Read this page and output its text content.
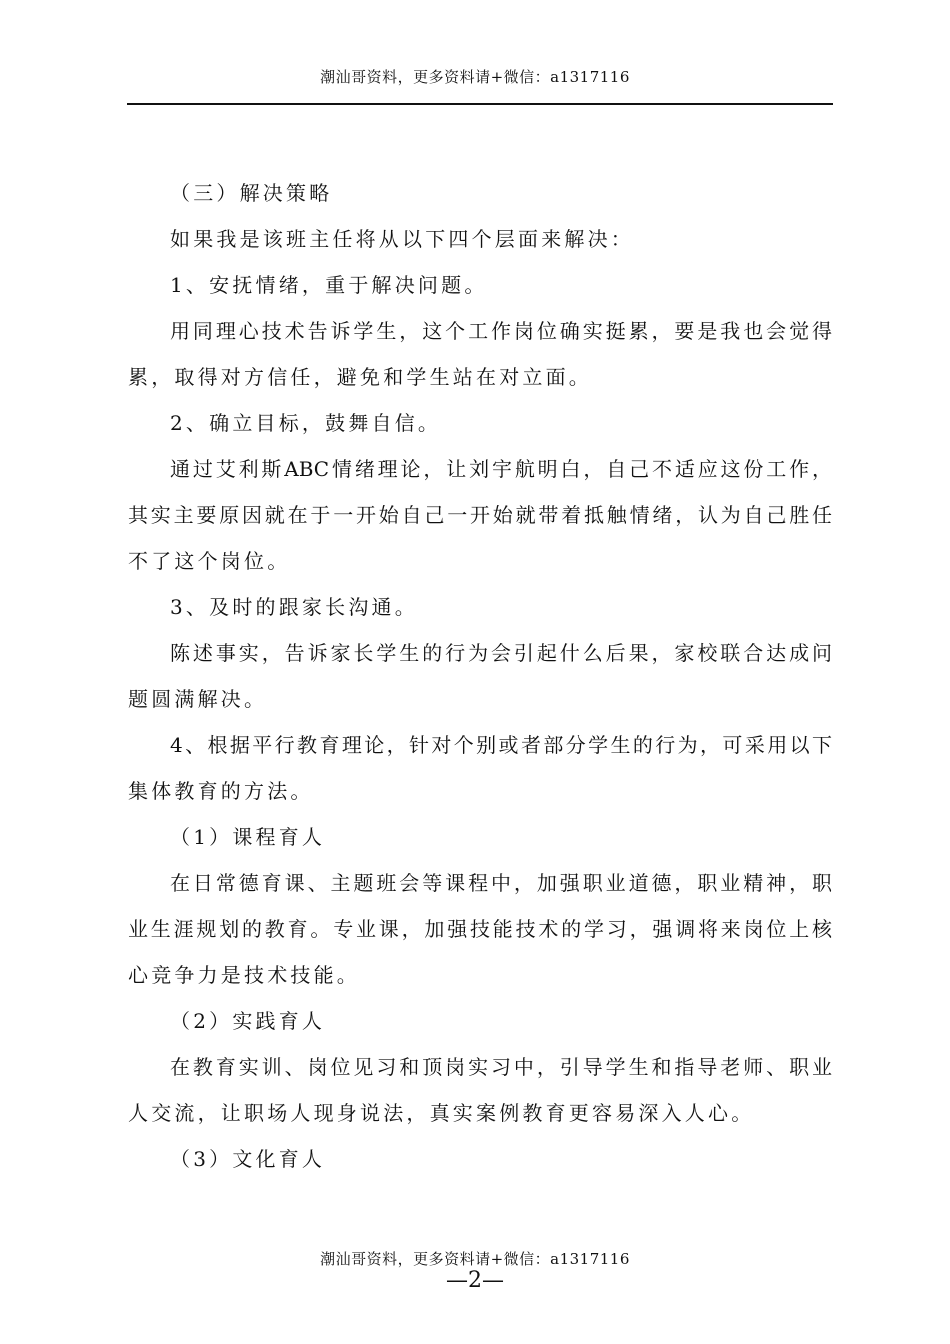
潮汕哥资料，更多资料请+微信：a1317116
（三）解决策略
如果我是该班主任将从以下四个层面来解决：
1、安抚情绪，重于解决问题。
用同理心技术告诉学生，这个工作岗位确实挺累，要是我也会觉得
累，取得对方信任，避免和学生站在对立面。
2、确立目标，鼓舞自信。
通过艾利斯ABC情绪理论，让刘宇航明白，自己不适应这份工作，
其实主要原因就在于一开始自己一开始就带着抵触情绪，认为自己胜任
不了这个岗位。
3、及时的跟家长沟通。
陈述事实，告诉家长学生的行为会引起什么后果，家校联合达成问
题圆满解决。
4、根据平行教育理论，针对个别或者部分学生的行为，可采用以下
集体教育的方法。
（1）课程育人
在日常德育课、主题班会等课程中，加强职业道德，职业精神，职
业生涯规划的教育。专业课，加强技能技术的学习，强调将来岗位上核
心竞争力是技术技能。
（2）实践育人
在教育实训、岗位见习和顶岗实习中，引导学生和指导老师、职业
人交流，让职场人现身说法，真实案例教育更容易深入人心。
（3）文化育人
潮汕哥资料，更多资料请+微信：a1317116
—2—
